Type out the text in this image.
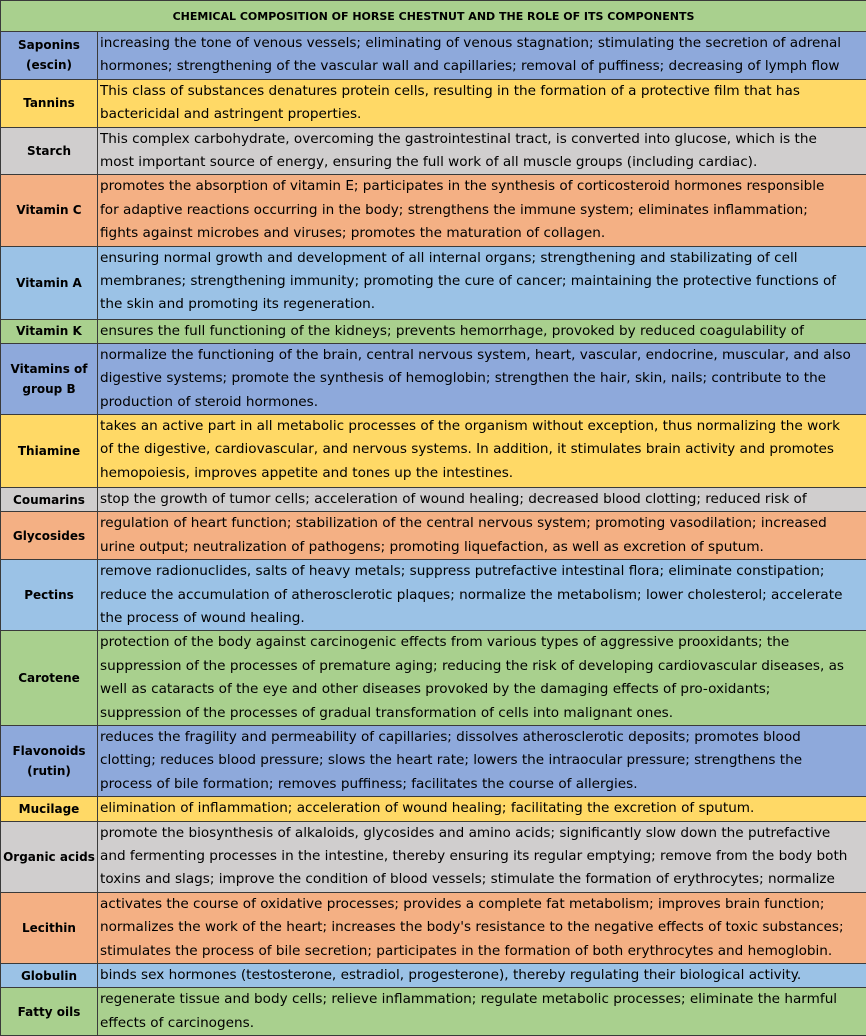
CHEMICAL COMPOSITION OF HORSE CHESTNUT AND THE ROLE OF ITS COMPONENTS	
Saponins
(escin)	increasing the tone of venous vessels; eliminating of venous stagnation; stimulating the secretion of adrenal
hormones; strengthening of the vascular wall and capillaries; removal of puffiness; decreasing of lymph flow

Tannins	This class of substances denatures protein cells, resulting in the formation of a protective film that has
bactericidal and astringent properties.

Starch	This complex carbohydrate, overcoming the gastrointestinal tract, is converted into glucose, which is the
most important source of energy, ensuring the full work of all muscle groups (including cardiac).

Vitamin C	promotes the absorption of vitamin E; participates in the synthesis of corticosteroid hormones responsible
for adaptive reactions occurring in the body; strengthens the immune system; eliminates inflammation;
fights against microbes and viruses; promotes the maturation of collagen.

Vitamin A	ensuring normal growth and development of all internal organs; strengthening and stabilizating of cell
membranes; strengthening immunity; promoting the cure of cancer; maintaining the protective functions of
the skin and promoting its regeneration.

Vitamin K	ensures the full functioning of the kidneys; prevents hemorrhage, provoked by reduced coagulability of

Vitamins of
group B	normalize the functioning of the brain, central nervous system, heart, vascular, endocrine, muscular, and also
digestive systems; promote the synthesis of hemoglobin; strengthen the hair, skin, nails; contribute to the
production of steroid hormones.

Thiamine	takes an active part in all metabolic processes of the organism without exception, thus normalizing the work
of the digestive, cardiovascular, and nervous systems. In addition, it stimulates brain activity and promotes
hemopoiesis, improves appetite and tones up the intestines.

Coumarins	stop the growth of tumor cells; acceleration of wound healing; decreased blood clotting; reduced risk of

Glycosides	regulation of heart function; stabilization of the central nervous system; promoting vasodilation; increased
urine output; neutralization of pathogens; promoting liquefaction, as well as excretion of sputum.

Pectins	remove radionuclides, salts of heavy metals; suppress putrefactive intestinal flora; eliminate constipation;
reduce the accumulation of atherosclerotic plaques; normalize the metabolism; lower cholesterol; accelerate
the process of wound healing.

Carotene	protection of the body against carcinogenic effects from various types of aggressive prooxidants; the
suppression of the processes of premature aging; reducing the risk of developing cardiovascular diseases, as
well as cataracts of the eye and other diseases provoked by the damaging effects of pro-oxidants;
suppression of the processes of gradual transformation of cells into malignant ones.

Flavonoids
(rutin)	reduces the fragility and permeability of capillaries; dissolves atherosclerotic deposits; promotes blood
clotting; reduces blood pressure; slows the heart rate; lowers the intraocular pressure; strengthens the
process of bile formation; removes puffiness; facilitates the course of allergies.

Mucilage	elimination of inflammation; acceleration of wound healing; facilitating the excretion of sputum.

Organic acids	promote the biosynthesis of alkaloids, glycosides and amino acids; significantly slow down the putrefactive
and fermenting processes in the intestine, thereby ensuring its regular emptying; remove from the body both
toxins and slags; improve the condition of blood vessels; stimulate the formation of erythrocytes; normalize

Lecithin	activates the course of oxidative processes; provides a complete fat metabolism; improves brain function;
normalizes the work of the heart; increases the body's resistance to the negative effects of toxic substances;
stimulates the process of bile secretion; participates in the formation of both erythrocytes and hemoglobin.

Globulin	binds sex hormones (testosterone, estradiol, progesterone), thereby regulating their biological activity.

Fatty oils	regenerate tissue and body cells; relieve inflammation; regulate metabolic processes; eliminate the harmful
effects of carcinogens.
